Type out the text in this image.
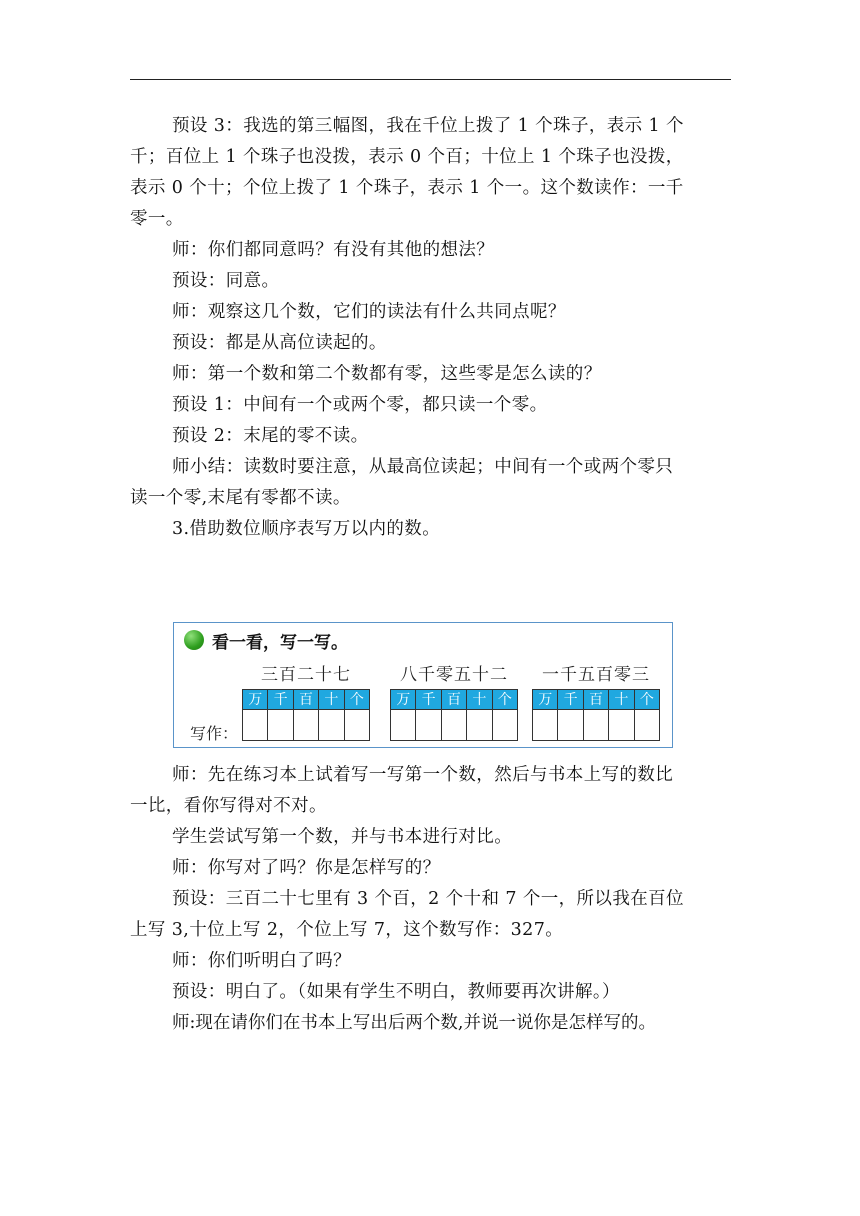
预设 3：我选的第三幅图，我在千位上拨了 1 个珠子，表示 1 个
千；百位上 1 个珠子也没拨，表示 0 个百；十位上 1 个珠子也没拨，
表示 0 个十；个位上拨了 1 个珠子，表示 1 个一。这个数读作：一千
零一。
师：你们都同意吗？有没有其他的想法？
预设：同意。
师：观察这几个数，它们的读法有什么共同点呢？
预设：都是从高位读起的。
师：第一个数和第二个数都有零，这些零是怎么读的？
预设 1：中间有一个或两个零，都只读一个零。
预设 2：末尾的零不读。
师小结：读数时要注意，从最高位读起；中间有一个或两个零只
读一个零,末尾有零都不读。
3.借助数位顺序表写万以内的数。
看一看，写一写。
三百二十七
万 千 百 十 个
八千零五十二
万 千 百 十 个
一千五百零三
万 千 百 十 个
写作：
师：先在练习本上试着写一写第一个数，然后与书本上写的数比
一比，看你写得对不对。
学生尝试写第一个数，并与书本进行对比。
师：你写对了吗？你是怎样写的？
预设：三百二十七里有 3 个百，2 个十和 7 个一，所以我在百位
上写 3,十位上写 2，个位上写 7，这个数写作：327。
师：你们听明白了吗？
预设：明白了。（如果有学生不明白，教师要再次讲解。）
师:现在请你们在书本上写出后两个数,并说一说你是怎样写的。
